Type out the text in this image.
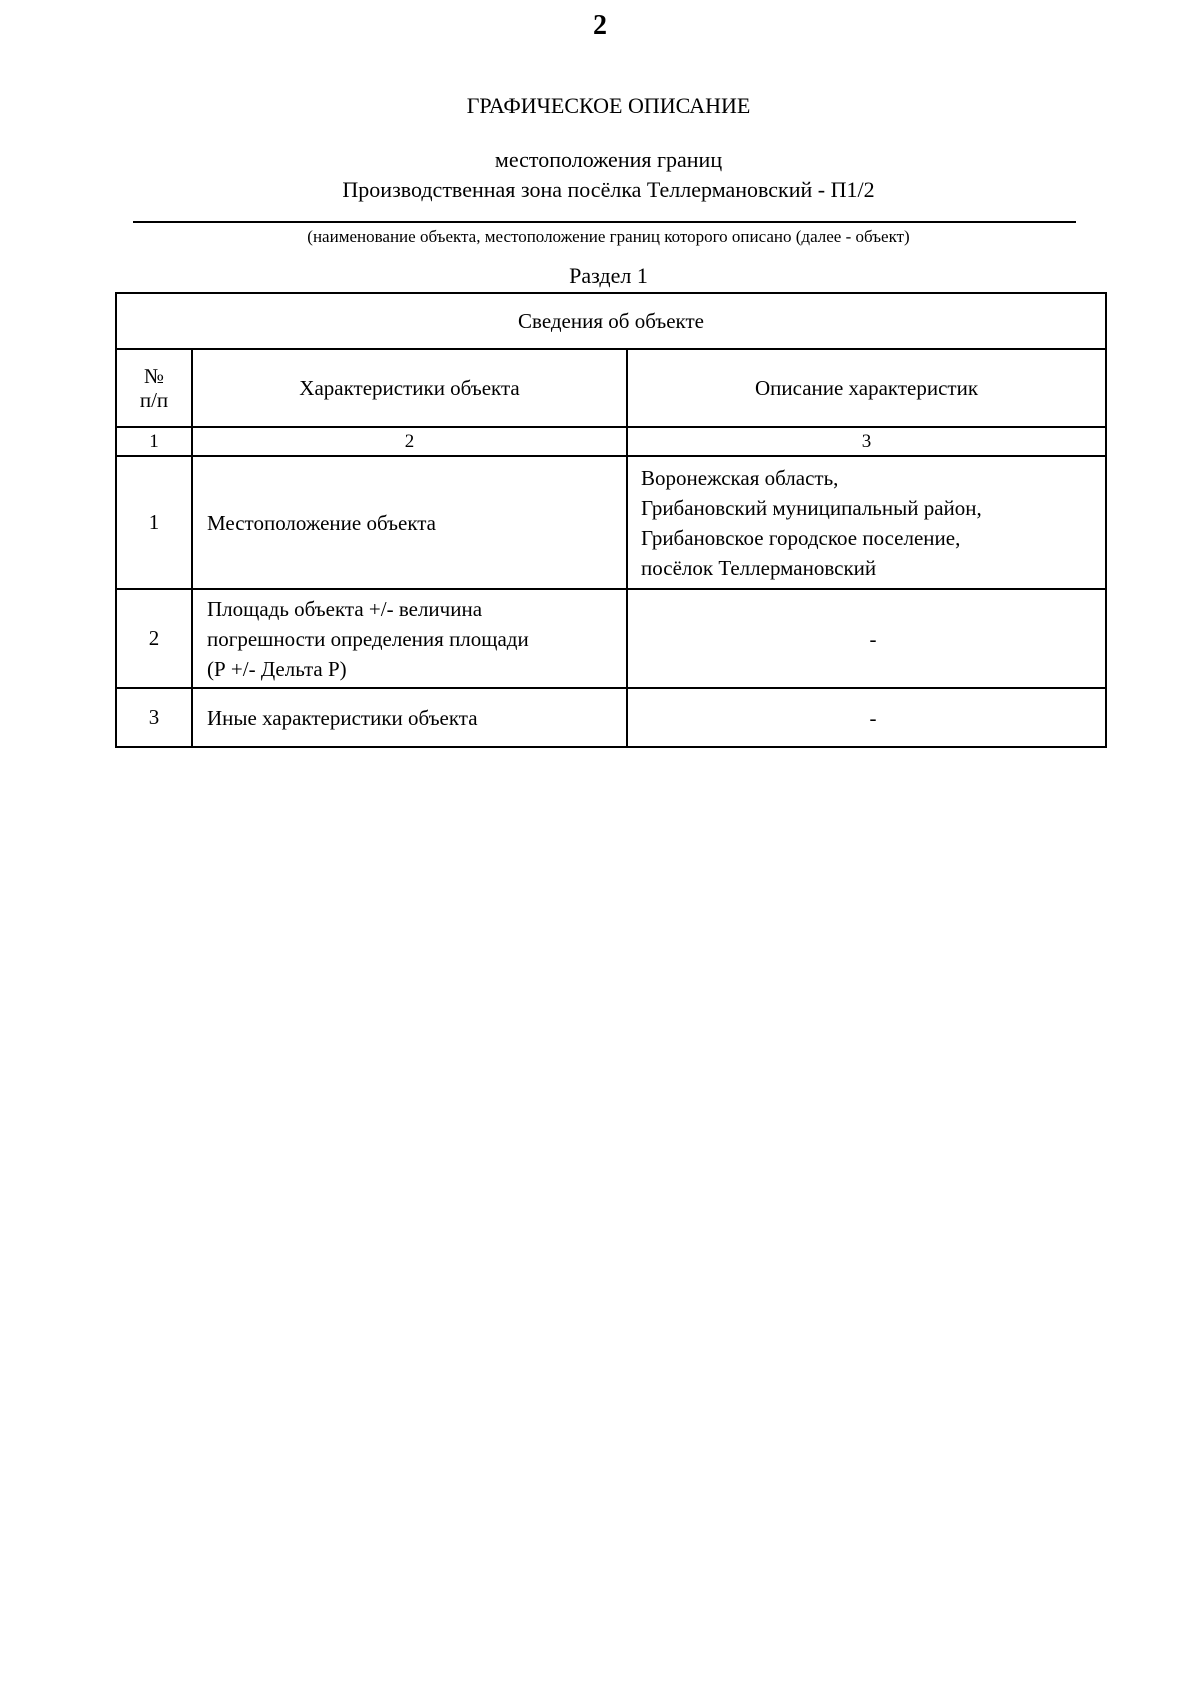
2
ГРАФИЧЕСКОЕ ОПИСАНИЕ
местоположения границ
Производственная зона посёлка Теллермановский - П1/2
(наименование объекта, местоположение границ которого описано (далее - объект)
Раздел 1
Сведения об объекте		

№
п/п	Характеристики объекта	Описание характеристик
1	2	3
1	Местоположение объекта	Воронежская область,
Грибановский муниципальный район,
Грибановское городское поселение,
посёлок Теллермановский

2	Площадь объекта +/- величина
погрешности определения площади
(Р +/- Дельта Р)	-

3	Иные характеристики объекта	-
